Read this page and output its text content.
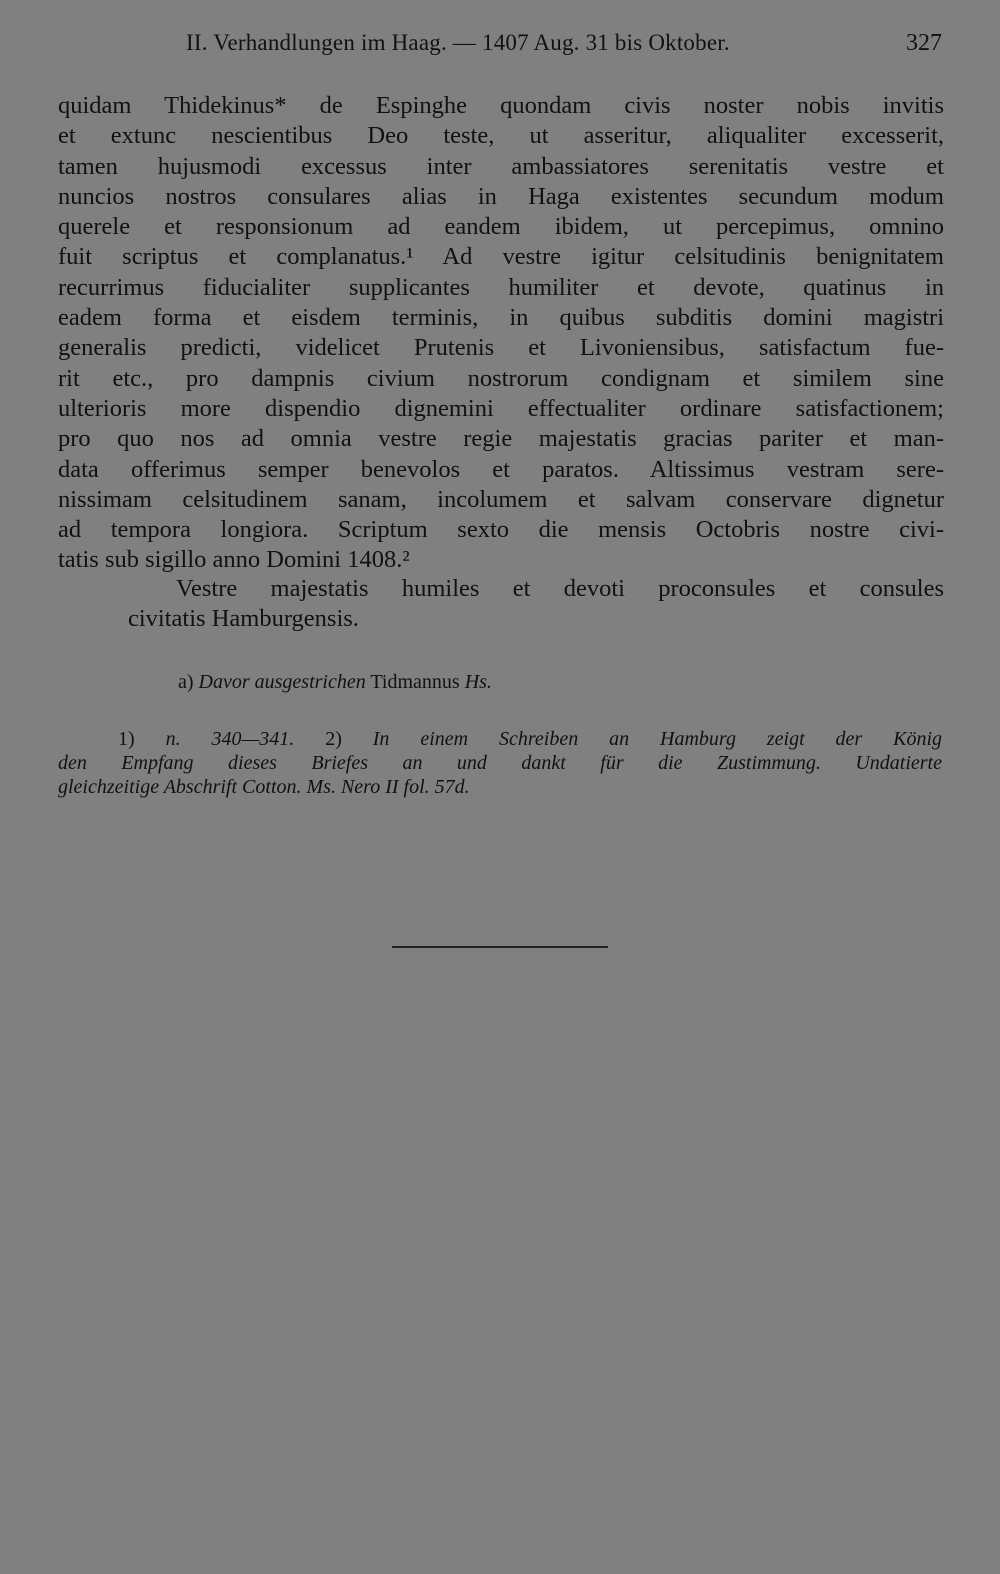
II. Verhandlungen im Haag. — 1407 Aug. 31 bis Oktober.	327
quidam Thidekinus* de Espinghe quondam civis noster nobis invitis
et extunc nescientibus Deo teste, ut asseritur, aliqualiter excesserit,
tamen hujusmodi excessus inter ambassiatores serenitatis vestre et
nuncios nostros consulares alias in Haga existentes secundum modum
querele et responsionum ad eandem ibidem, ut percepimus, omnino
fuit scriptus et complanatus.¹ Ad vestre igitur celsitudinis benignitatem
recurrimus fiducialiter supplicantes humiliter et devote, quatinus in
eadem forma et eisdem terminis, in quibus subditis domini magistri
generalis predicti, videlicet Prutenis et Livoniensibus, satisfactum fue-
rit etc., pro dampnis civium nostrorum condignam et similem sine
ulterioris more dispendio dignemini effectualiter ordinare satisfactionem;
pro quo nos ad omnia vestre regie majestatis gracias pariter et man-
data offerimus semper benevolos et paratos. Altissimus vestram sere-
nissimam celsitudinem sanam, incolumem et salvam conservare dignetur
ad tempora longiora. Scriptum sexto die mensis Octobris nostre civi-
tatis sub sigillo anno Domini 1408.²
Vestre majestatis humiles et devoti proconsules et consules
civitatis Hamburgensis.
a) Davor ausgestrichen Tidmannus Hs.
1) n. 340—341. 2) In einem Schreiben an Hamburg zeigt der König
den Empfang dieses Briefes an und dankt für die Zustimmung. Undatierte
gleichzeitige Abschrift Cotton. Ms. Nero II fol. 57d.
